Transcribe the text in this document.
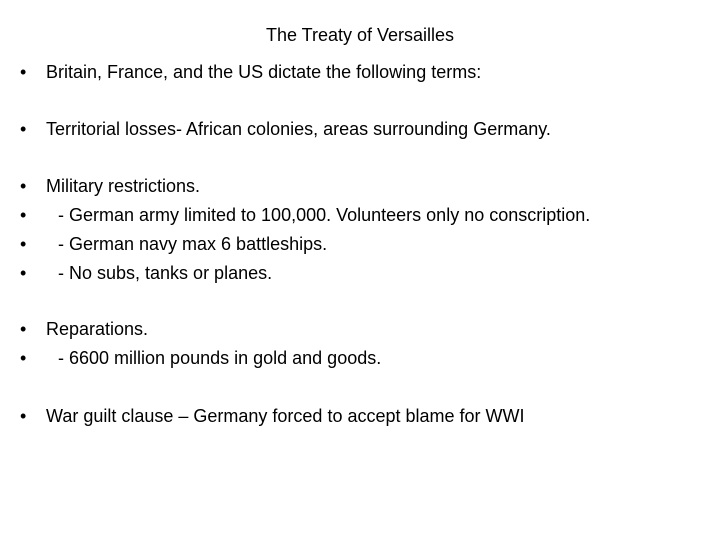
The Treaty of Versailles
• Britain, France, and the US dictate the following terms:
• Territorial losses- African colonies, areas surrounding Germany.
• Military restrictions.
• - German army limited to 100,000. Volunteers only no conscription.
• - German navy max 6 battleships.
• - No subs, tanks or planes.
• Reparations.
• - 6600 million pounds in gold and goods.
• War guilt clause – Germany forced to accept blame for WWI
